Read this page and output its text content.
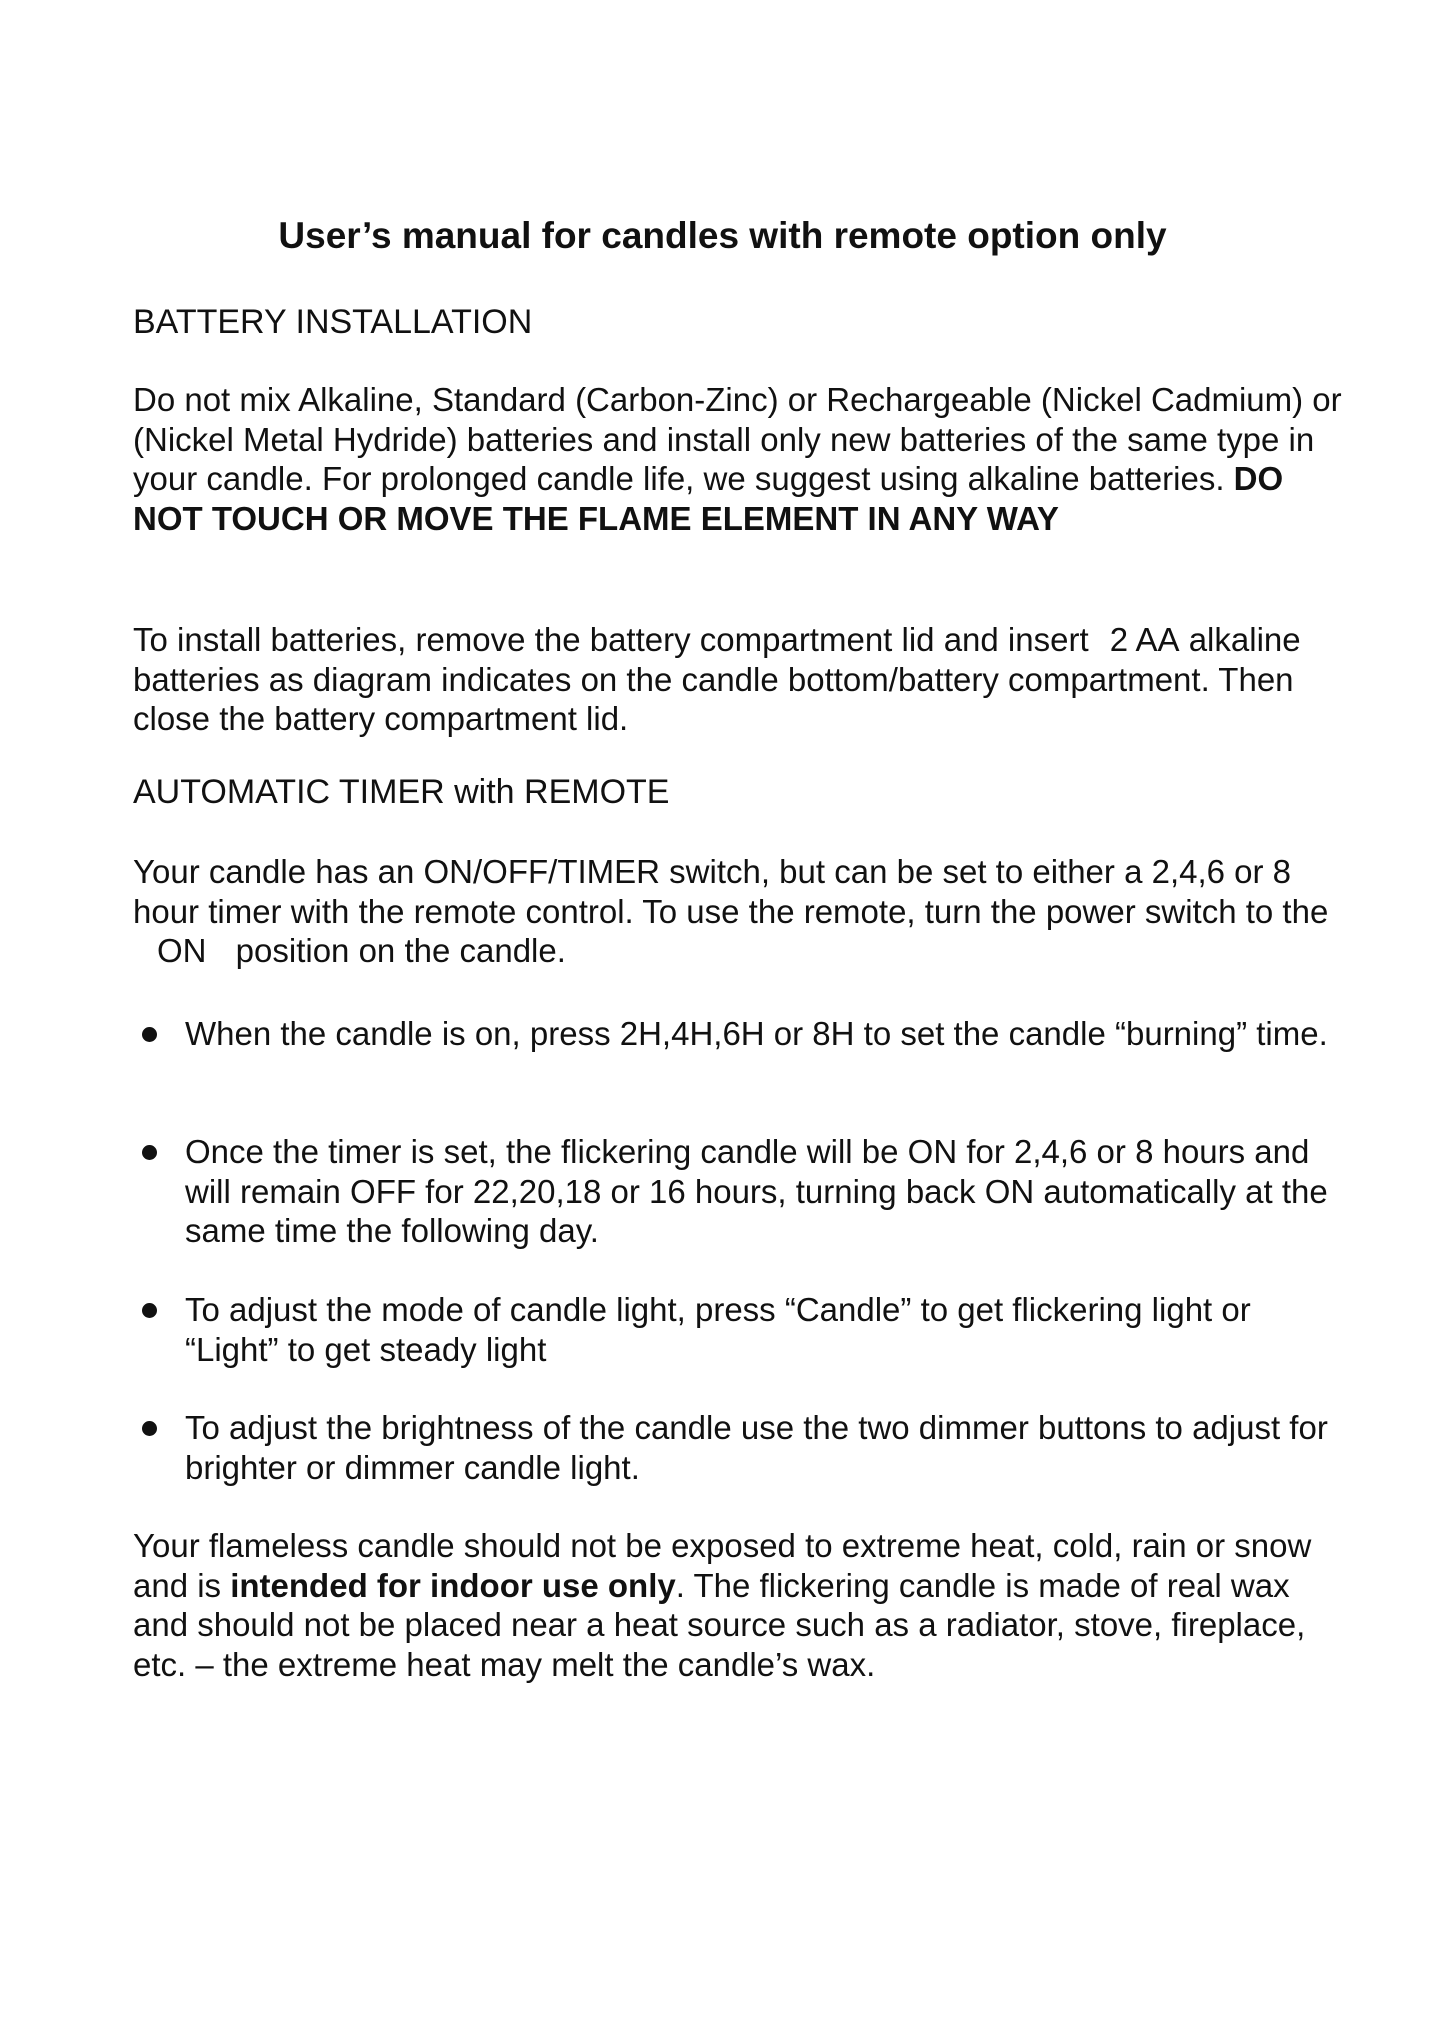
User’s manual for candles with remote option only
BATTERY INSTALLATION

Do not mix Alkaline, Standard (Carbon-Zinc) or Rechargeable (Nickel Cadmium) or (Nickel Metal Hydride) batteries and install only new batteries of the same type in your candle. For prolonged candle life, we suggest using alkaline batteries. DO NOT TOUCH OR MOVE THE FLAME ELEMENT IN ANY WAY

To install batteries, remove the battery compartment lid and insert 2 AA alkaline batteries as diagram indicates on the candle bottom/battery compartment. Then close the battery compartment lid.

AUTOMATIC TIMER with REMOTE

Your candle has an ON/OFF/TIMER switch, but can be set to either a 2,4,6 or 8 hour timer with the remote control. To use the remote, turn the power switch to the ON position on the candle.

When the candle is on, press 2H,4H,6H or 8H to set the candle “burning” time.
Once the timer is set, the flickering candle will be ON for 2,4,6 or 8 hours and will remain OFF for 22,20,18 or 16 hours, turning back ON automatically at the same time the following day.
To adjust the mode of candle light, press “Candle” to get flickering light or “Light” to get steady light
To adjust the brightness of the candle use the two dimmer buttons to adjust for brighter or dimmer candle light.

Your flameless candle should not be exposed to extreme heat, cold, rain or snow and is intended for indoor use only. The flickering candle is made of real wax and should not be placed near a heat source such as a radiator, stove, fireplace, etc. – the extreme heat may melt the candle’s wax.
